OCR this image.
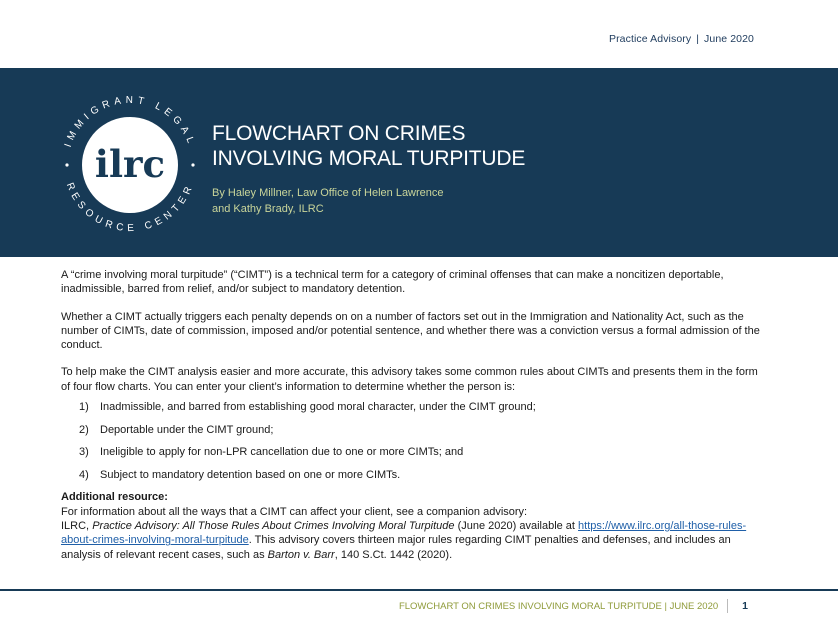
Practice Advisory | June 2020
ilrc
IMMIGRANT LEGAL
RESOURCE CENTER
FLOWCHART ON CRIMES
INVOLVING MORAL TURPITUDE
By Haley Millner, Law Office of Helen Lawrence
and Kathy Brady, ILRC

A “crime involving moral turpitude” (“CIMT”) is a technical term for a category of criminal offenses that can make a noncitizen deportable, inadmissible, barred from relief, and/or subject to mandatory detention.

Whether a CIMT actually triggers each penalty depends on on a number of factors set out in the Immigration and Nationality Act, such as the number of CIMTs, date of commission, imposed and/or potential sentence, and whether there was a conviction versus a formal admission of the conduct.

To help make the CIMT analysis easier and more accurate, this advisory takes some common rules about CIMTs and presents them in the form of four flow charts. You can enter your client’s information to determine whether the person is:

1)	Inadmissible, and barred from establishing good moral character, under the CIMT ground;
2)	Deportable under the CIMT ground;
3)	Ineligible to apply for non-LPR cancellation due to one or more CIMTs; and
4)	Subject to mandatory detention based on one or more CIMTs.
Additional resource:
For information about all the ways that a CIMT can affect your client, see a companion advisory:
ILRC, Practice Advisory: All Those Rules About Crimes Involving Moral Turpitude (June 2020) available at https://www.ilrc.org/all-those-rules-about-crimes-involving-moral-turpitude. This advisory covers thirteen major rules regarding CIMT penalties and defenses, and includes an analysis of relevant recent cases, such as Barton v. Barr, 140 S.Ct. 1442 (2020).
FLOWCHART ON CRIMES INVOLVING MORAL TURPITUDE | JUNE 2020 1
